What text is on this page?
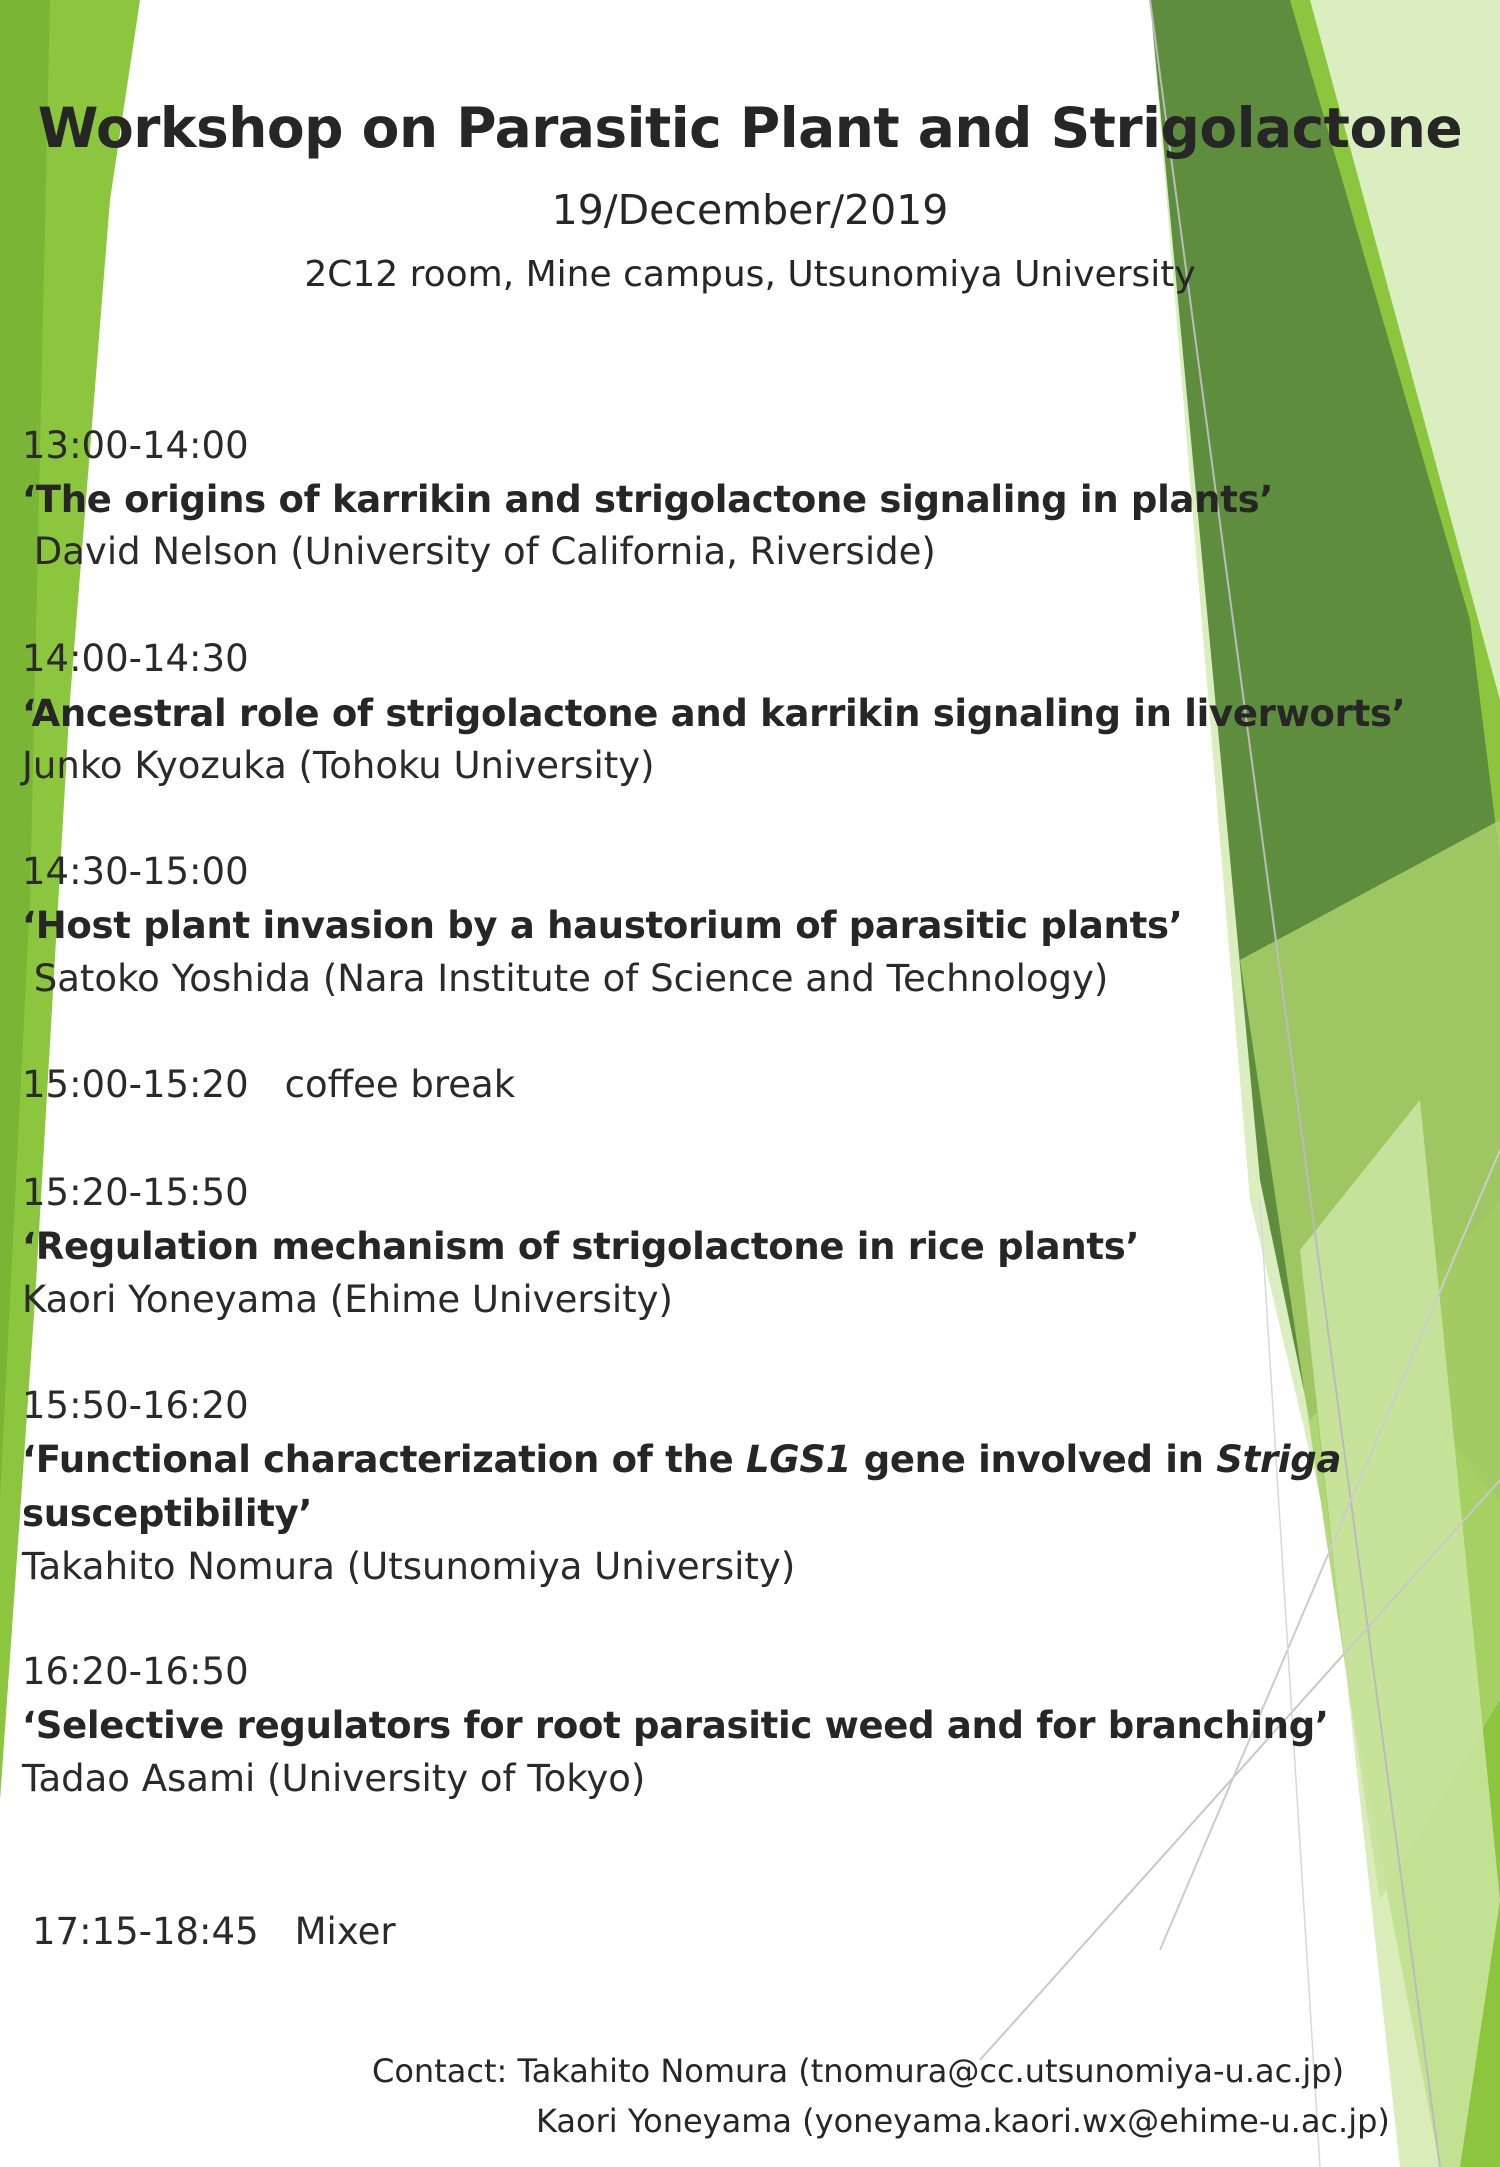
Workshop on Parasitic Plant and Strigolactone
19/December/2019
2C12 room, Mine campus, Utsunomiya University
13:00-14:00
‘The origins of karrikin and strigolactone signaling in plants’
David Nelson (University of California, Riverside)
14:00-14:30
‘Ancestral role of strigolactone and karrikin signaling in liverworts’
Junko Kyozuka (Tohoku University)
14:30-15:00
‘Host plant invasion by a haustorium of parasitic plants’
Satoko Yoshida (Nara Institute of Science and Technology)
15:00-15:20 coffee break
15:20-15:50
‘Regulation mechanism of strigolactone in rice plants’
Kaori Yoneyama (Ehime University)
15:50-16:20
‘Functional characterization of the LGS1 gene involved in Striga
susceptibility’
Takahito Nomura (Utsunomiya University)
16:20-16:50
‘Selective regulators for root parasitic weed and for branching’
Tadao Asami (University of Tokyo)
17:15-18:45 Mixer
Contact: Takahito Nomura (tnomura@cc.utsunomiya-u.ac.jp)
Kaori Yoneyama (yoneyama.kaori.wx@ehime-u.ac.jp)
